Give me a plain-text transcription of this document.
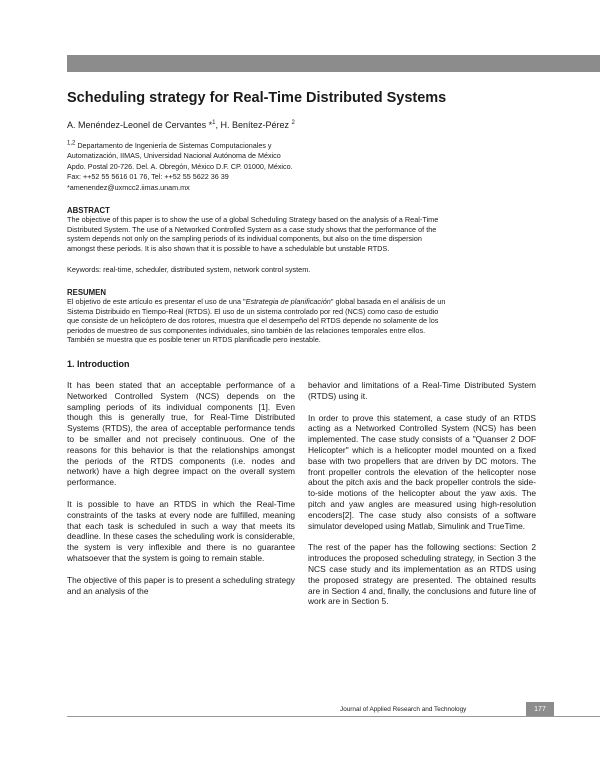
Scheduling strategy for Real-Time Distributed Systems
A. Menéndez-Leonel de Cervantes *$^1$, H. Benítez-Pérez $^2$
$^{1,2}$ Departamento de Ingeniería de Sistemas Computacionales y
Automatización, IIMAS, Universidad Nacional Autónoma de México
Apdo. Postal 20-726. Del. A. Obregón, México D.F. CP. 01000, México.
Fax: ++52 55 5616 01 76, Tel: ++52 55 5622 36 39
*amenendez@uxmcc2.iimas.unam.mx
ABSTRACT
The objective of this paper is to show the use of a global Scheduling Strategy based on the analysis of a Real-Time
Distributed System. The use of a Networked Controlled System as a case study shows that the performance of the
system depends not only on the sampling periods of its individual components, but also on the time dispersion
amongst these periods. It is also shown that it is possible to have a schedulable but unstable RTDS.
Keywords: real-time, scheduler, distributed system, network control system.
RESUMEN
El objetivo de este artículo es presentar el uso de una "Estrategia de planificación" global basada en el análisis de un
Sistema Distribuido en Tiempo-Real (RTDS). El uso de un sistema controlado por red (NCS) como caso de estudio
que consiste de un helicóptero de dos rotores, muestra que el desempeño del RTDS depende no solamente de los
periodos de muestreo de sus componentes individuales, sino también de las relaciones temporales entre ellos.
También se muestra que es posible tener un RTDS planificadle pero inestable.
1. Introduction

It has been stated that an acceptable performance of a Networked Controlled System (NCS) depends on the sampling periods of its individual components [1]. Even though this is generally true, for Real-Time Distributed Systems (RTDS), the area of acceptable performance tends to be smaller and not precisely continuous. One of the reasons for this behavior is that the relationships amongst the periods of the RTDS components (i.e. nodes and network) have a high degree impact on the overall system performance.

It is possible to have an RTDS in which the Real-Time constraints of the tasks at every node are fulfilled, meaning that each task is scheduled in such a way that meets its deadline. In these cases the scheduling work is considerable, the system is very inflexible and there is no guarantee whatsoever that the system is going to remain stable.

The objective of this paper is to present a scheduling strategy and an analysis of the

behavior and limitations of a Real-Time Distributed System (RTDS) using it.

In order to prove this statement, a case study of an RTDS acting as a Networked Controlled System (NCS) has been implemented. The case study consists of a "Quanser 2 DOF Helicopter" which is a helicopter model mounted on a fixed base with two propellers that are driven by DC motors. The front propeller controls the elevation of the helicopter nose about the pitch axis and the back propeller controls the side-to-side motions of the helicopter about the yaw axis. The pitch and yaw angles are measured using high-resolution encoders[2]. The case study also consists of a software simulator developed using Matlab, Simulink and TrueTime.

The rest of the paper has the following sections: Section 2 introduces the proposed scheduling strategy, in Section 3 the NCS case study and its implementation as an RTDS using the proposed strategy are presented. The obtained results are in Section 4 and, finally, the conclusions and future line of work are in Section 5.

Journal of Applied Research and Technology	177
